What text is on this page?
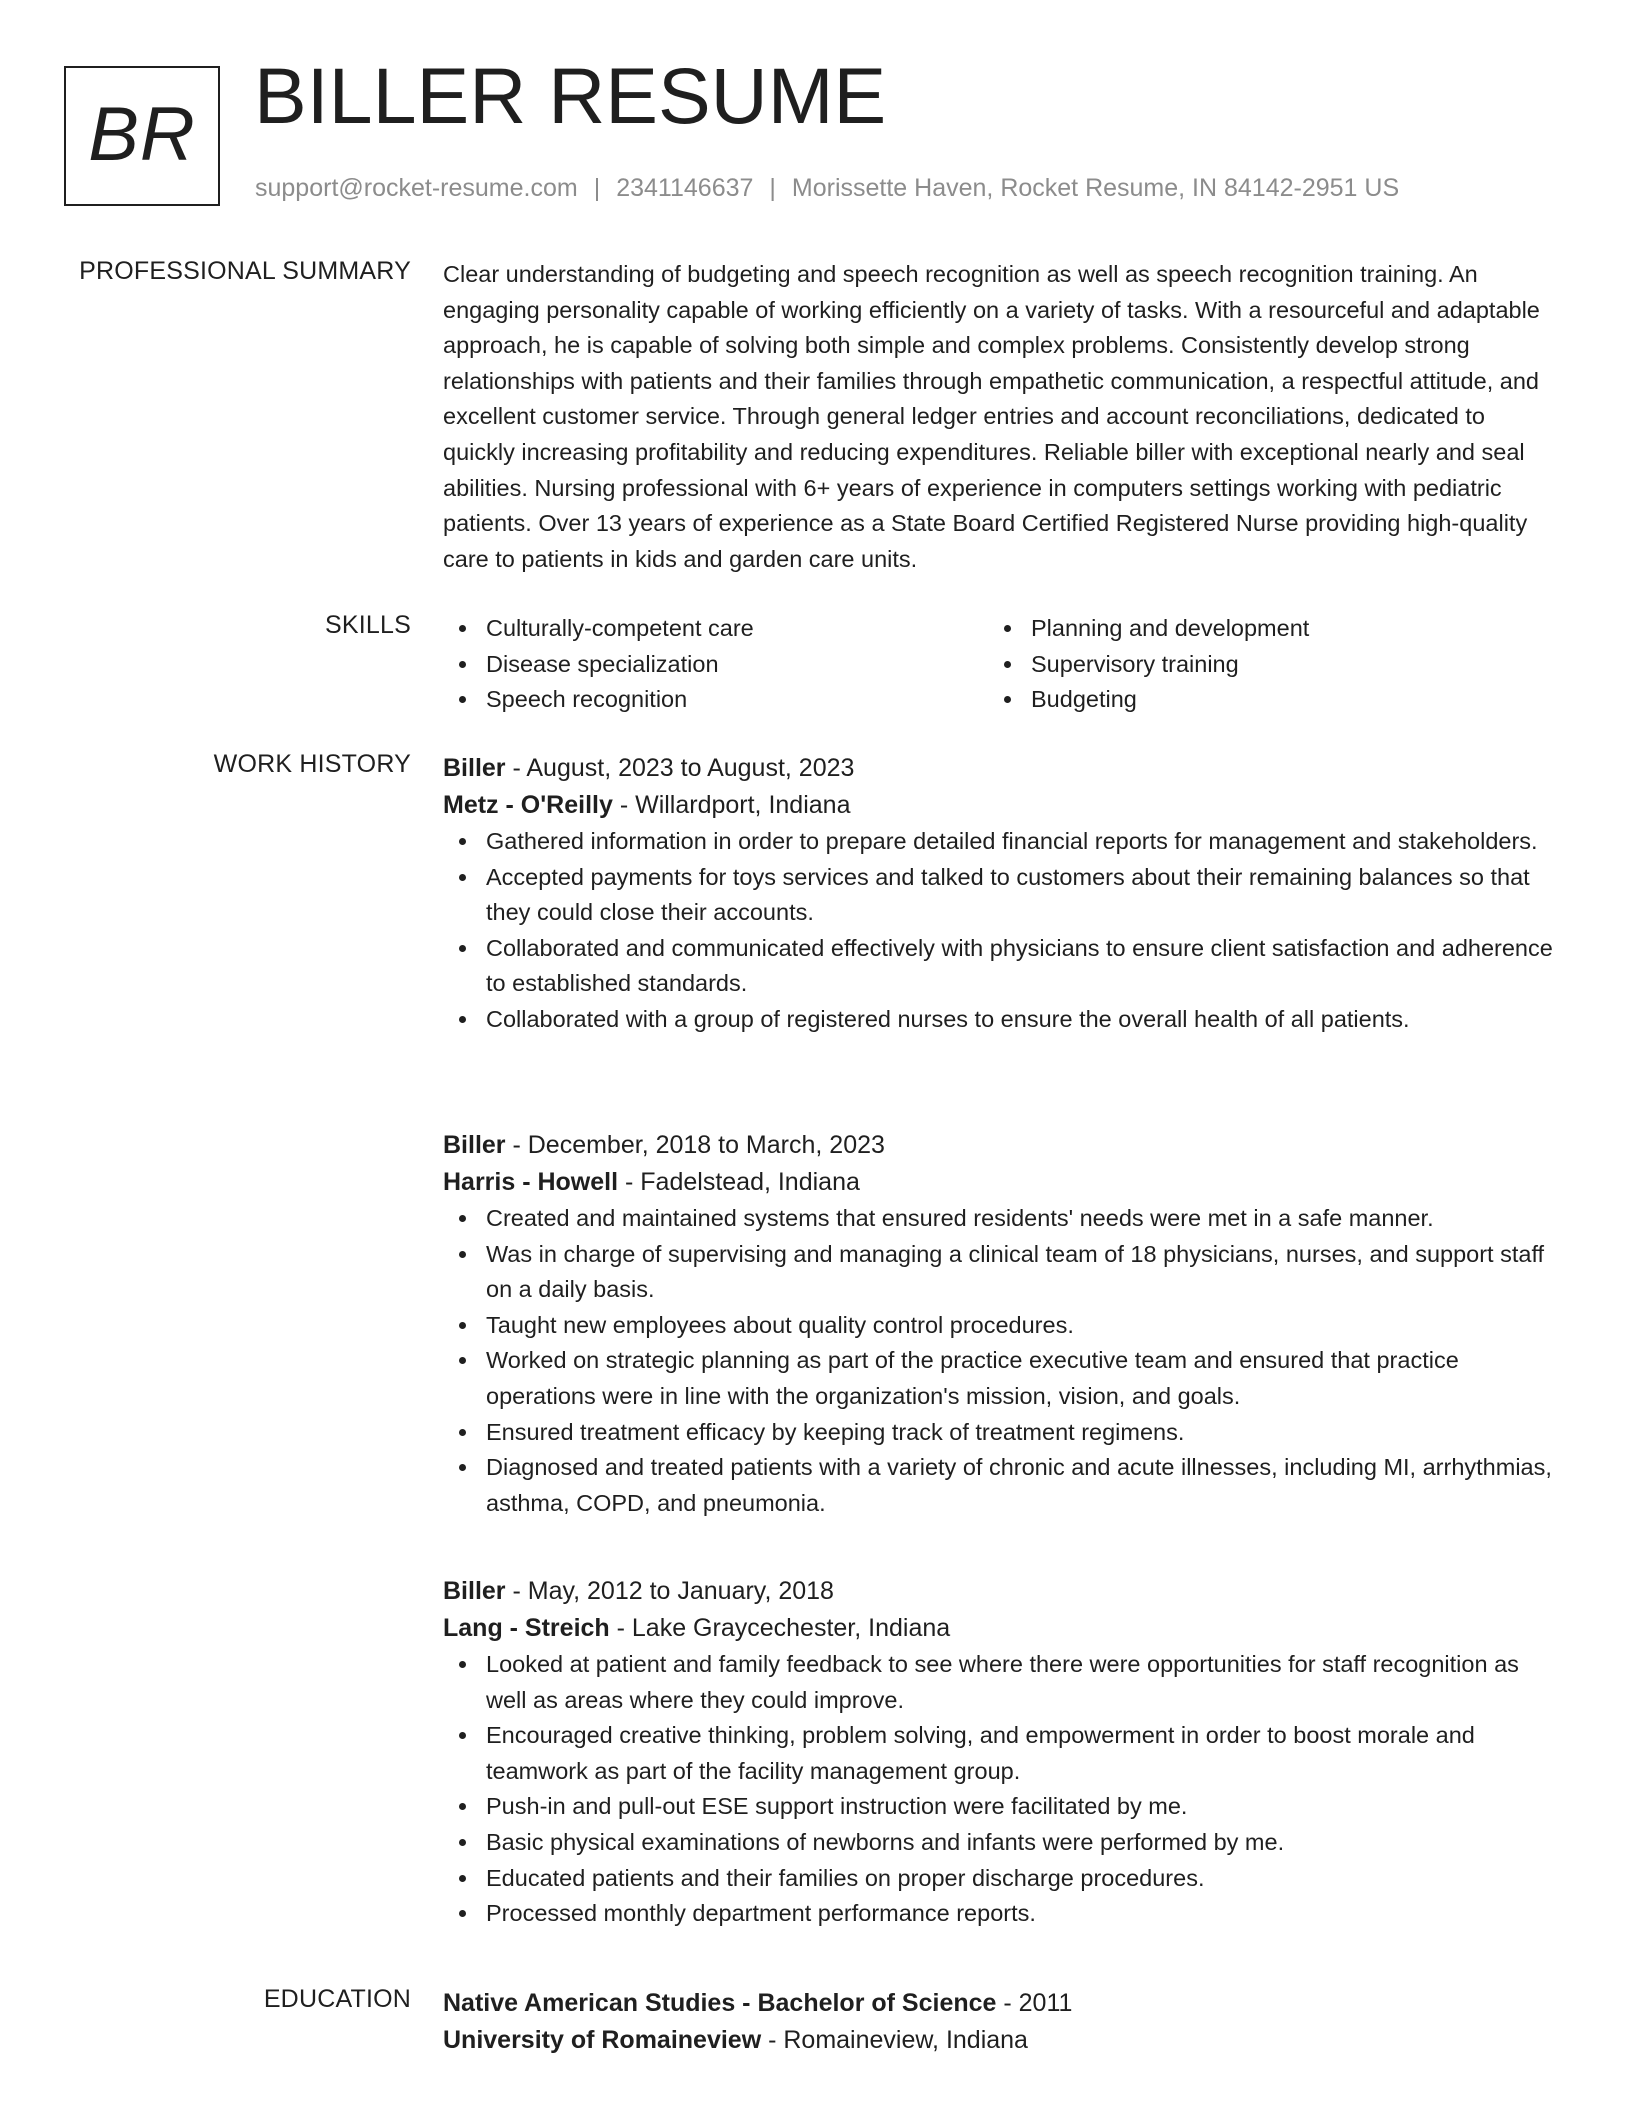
BR BILLER RESUME
support@rocket-resume.com | 2341146637 | Morissette Haven, Rocket Resume, IN 84142-2951 US
PROFESSIONAL SUMMARY Clear understanding of budgeting and speech recognition as well as speech recognition training. An engaging personality capable of working efficiently on a variety of tasks. With a resourceful and adaptable approach, he is capable of solving both simple and complex problems. Consistently develop strong relationships with patients and their families through empathetic communication, a respectful attitude, and excellent customer service. Through general ledger entries and account reconciliations, dedicated to quickly increasing profitability and reducing expenditures. Reliable biller with exceptional nearly and seal abilities. Nursing professional with 6+ years of experience in computers settings working with pediatric patients. Over 13 years of experience as a State Board Certified Registered Nurse providing high-quality care to patients in kids and garden care units.

SKILLS	Culturally-competent care
Disease specialization
Speech recognition
Planning and development
Supervisory training
Budgeting
WORK HISTORY Biller - August, 2023 to August, 2023
Metz - O'Reilly - Willardport, Indiana
Gathered information in order to prepare detailed financial reports for management and stakeholders.
Accepted payments for toys services and talked to customers about their remaining balances so that they could close their accounts.
Collaborated and communicated effectively with physicians to ensure client satisfaction and adherence to established standards.
Collaborated with a group of registered nurses to ensure the overall health of all patients.
Biller - December, 2018 to March, 2023
Harris - Howell - Fadelstead, Indiana
Created and maintained systems that ensured residents' needs were met in a safe manner.
Was in charge of supervising and managing a clinical team of 18 physicians, nurses, and support staff on a daily basis.
Taught new employees about quality control procedures.
Worked on strategic planning as part of the practice executive team and ensured that practice operations were in line with the organization's mission, vision, and goals.
Ensured treatment efficacy by keeping track of treatment regimens.
Diagnosed and treated patients with a variety of chronic and acute illnesses, including MI, arrhythmias, asthma, COPD, and pneumonia.
Biller - May, 2012 to January, 2018
Lang - Streich - Lake Graycechester, Indiana
Looked at patient and family feedback to see where there were opportunities for staff recognition as well as areas where they could improve.
Encouraged creative thinking, problem solving, and empowerment in order to boost morale and teamwork as part of the facility management group.
Push-in and pull-out ESE support instruction were facilitated by me.
Basic physical examinations of newborns and infants were performed by me.
Educated patients and their families on proper discharge procedures.
Processed monthly department performance reports.
EDUCATION Native American Studies - Bachelor of Science - 2011
University of Romaineview - Romaineview, Indiana
